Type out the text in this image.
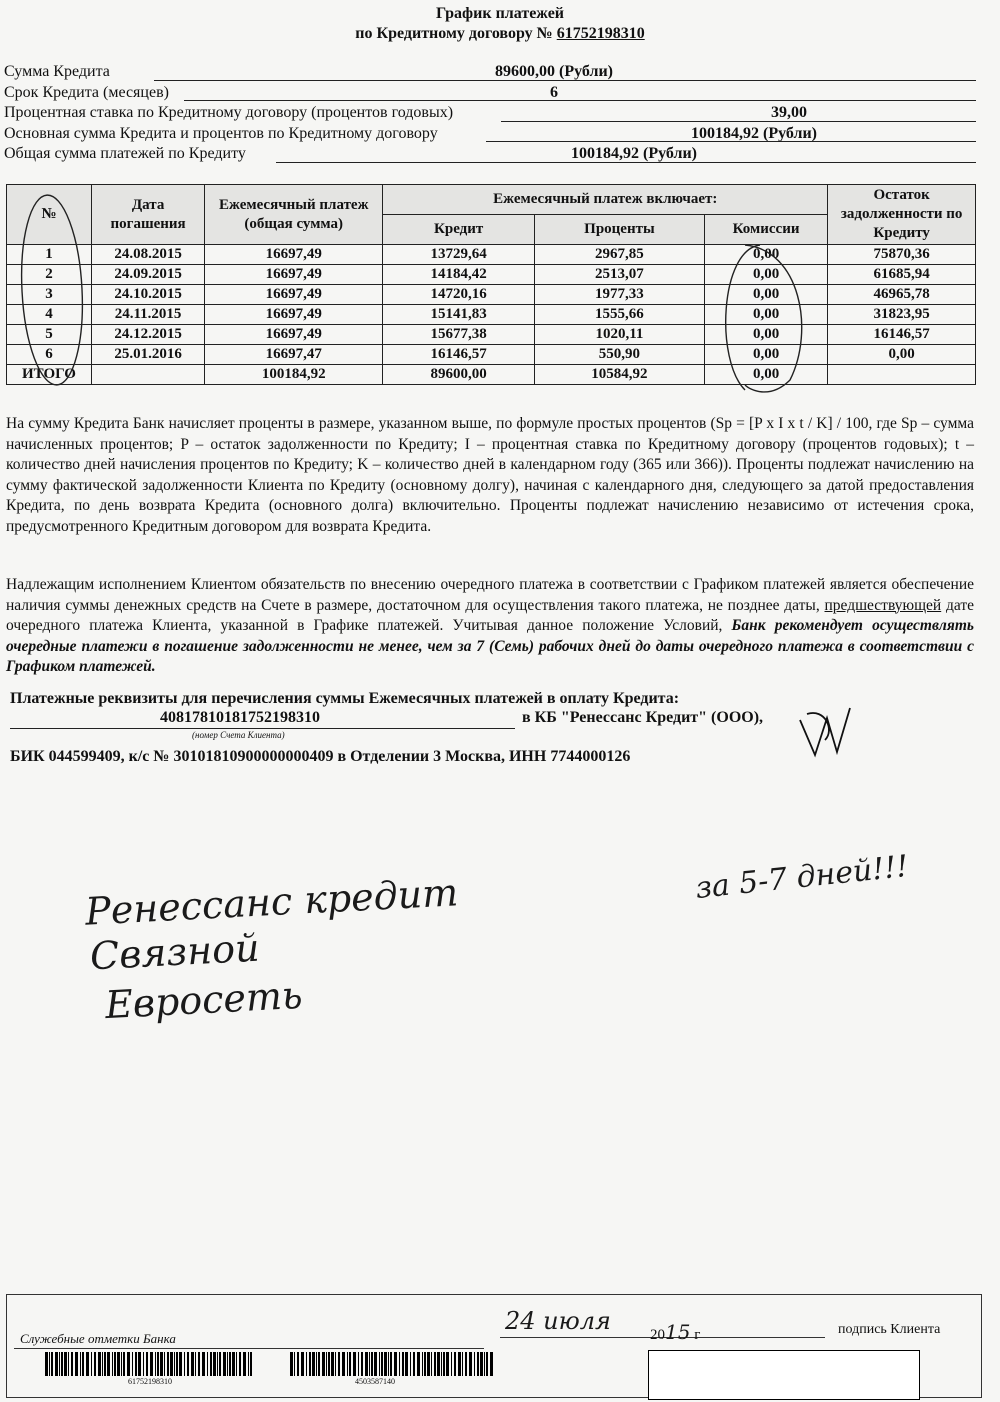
График платежей
по Кредитному договору № 61752198310
Сумма Кредита	89600,00 (Рубли)
Срок Кредита (месяцев)	6
Процентная ставка по Кредитному договору (процентов годовых)	39,00
Основная сумма Кредита и процентов по Кредитному договору	100184,92 (Рубли)
Общая сумма платежей по Кредиту	100184,92 (Рубли)
№	Дата погашения	Ежемесячный платеж (общая сумма)	Ежемесячный платеж включает:			Остаток задолженности по Кредиту
			Кредит	Проценты	Комиссии	
1	24.08.2015	16697,49	13729,64	2967,85	0,00	75870,36
2	24.09.2015	16697,49	14184,42	2513,07	0,00	61685,94
3	24.10.2015	16697,49	14720,16	1977,33	0,00	46965,78
4	24.11.2015	16697,49	15141,83	1555,66	0,00	31823,95
5	24.12.2015	16697,49	15677,38	1020,11	0,00	16146,57
6	25.01.2016	16697,47	16146,57	550,90	0,00	0,00
ИТОГО		100184,92	89600,00	10584,92	0,00	
На сумму Кредита Банк начисляет проценты в размере, указанном выше, по формуле простых процентов (Sp = [P x I x t / K] / 100, где Sp – сумма начисленных процентов; P – остаток задолженности по Кредиту; I – процентная ставка по Кредитному договору (процентов годовых); t – количество дней начисления процентов по Кредиту; K – количество дней в календарном году (365 или 366)). Проценты подлежат начислению на сумму фактической задолженности Клиента по Кредиту (основному долгу), начиная с календарного дня, следующего за датой предоставления Кредита, по день возврата Кредита (основного долга) включительно. Проценты подлежат начислению независимо от истечения срока, предусмотренного Кредитным договором для возврата Кредита.
Надлежащим исполнением Клиентом обязательств по внесению очередного платежа в соответствии с Графиком платежей является обеспечение наличия суммы денежных средств на Счете в размере, достаточном для осуществления такого платежа, не позднее даты, предшествующей дате очередного платежа Клиента, указанной в Графике платежей. Учитывая данное положение Условий, Банк рекомендует осуществлять очередные платежи в погашение задолженности не менее, чем за 7 (Семь) рабочих дней до даты очередного платежа в соответствии с Графиком платежей.
Платежные реквизиты для перечисления суммы Ежемесячных платежей в оплату Кредита:
40817810181752198310
(номер Счета Клиента)
в КБ "Ренессанс Кредит" (ООО),
БИК 044599409, к/с № 30101810900000000409 в Отделении 3 Москва, ИНН 7744000126
за 5-7 дней!!!
Ренессанс кредит
Связной
Евросеть
Служебные отметки Банка
61752198310	4503587140
24 июля	2015 г	подпись Клиента
